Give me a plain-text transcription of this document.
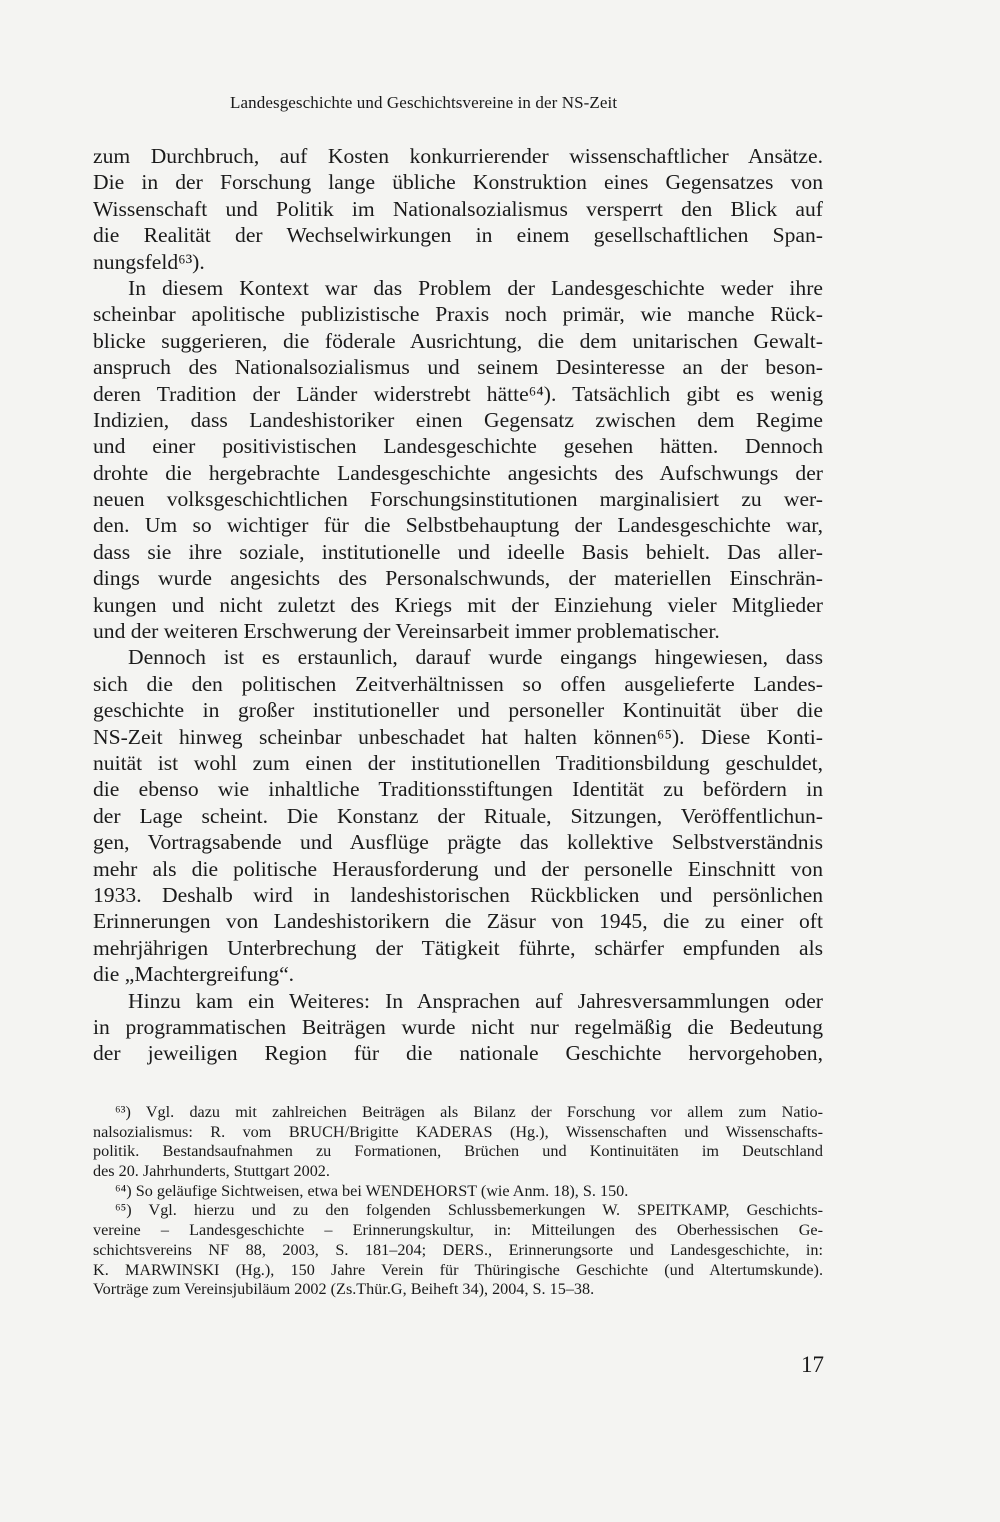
Landesgeschichte und Geschichtsvereine in der NS-Zeit
zum Durchbruch, auf Kosten konkurrierender wissenschaftlicher Ansätze.
Die in der Forschung lange übliche Konstruktion eines Gegensatzes von
Wissenschaft und Politik im Nationalsozialismus versperrt den Blick auf
die Realität der Wechselwirkungen in einem gesellschaftlichen Span-
nungsfeld⁶³).
In diesem Kontext war das Problem der Landesgeschichte weder ihre
scheinbar apolitische publizistische Praxis noch primär, wie manche Rück-
blicke suggerieren, die föderale Ausrichtung, die dem unitarischen Gewalt-
anspruch des Nationalsozialismus und seinem Desinteresse an der beson-
deren Tradition der Länder widerstrebt hätte⁶⁴). Tatsächlich gibt es wenig
Indizien, dass Landeshistoriker einen Gegensatz zwischen dem Regime
und einer positivistischen Landesgeschichte gesehen hätten. Dennoch
drohte die hergebrachte Landesgeschichte angesichts des Aufschwungs der
neuen volksgeschichtlichen Forschungsinstitutionen marginalisiert zu wer-
den. Um so wichtiger für die Selbstbehauptung der Landesgeschichte war,
dass sie ihre soziale, institutionelle und ideelle Basis behielt. Das aller-
dings wurde angesichts des Personalschwunds, der materiellen Einschrän-
kungen und nicht zuletzt des Kriegs mit der Einziehung vieler Mitglieder
und der weiteren Erschwerung der Vereinsarbeit immer problematischer.
Dennoch ist es erstaunlich, darauf wurde eingangs hingewiesen, dass
sich die den politischen Zeitverhältnissen so offen ausgelieferte Landes-
geschichte in großer institutioneller und personeller Kontinuität über die
NS-Zeit hinweg scheinbar unbeschadet hat halten können⁶⁵). Diese Konti-
nuität ist wohl zum einen der institutionellen Traditionsbildung geschuldet,
die ebenso wie inhaltliche Traditionsstiftungen Identität zu befördern in
der Lage scheint. Die Konstanz der Rituale, Sitzungen, Veröffentlichun-
gen, Vortragsabende und Ausflüge prägte das kollektive Selbstverständnis
mehr als die politische Herausforderung und der personelle Einschnitt von
1933. Deshalb wird in landeshistorischen Rückblicken und persönlichen
Erinnerungen von Landeshistorikern die Zäsur von 1945, die zu einer oft
mehrjährigen Unterbrechung der Tätigkeit führte, schärfer empfunden als
die „Machtergreifung“.
Hinzu kam ein Weiteres: In Ansprachen auf Jahresversammlungen oder
in programmatischen Beiträgen wurde nicht nur regelmäßig die Bedeutung
der jeweiligen Region für die nationale Geschichte hervorgehoben,
⁶³) Vgl. dazu mit zahlreichen Beiträgen als Bilanz der Forschung vor allem zum Natio-
nalsozialismus: R. vom BRUCH/Brigitte KADERAS (Hg.), Wissenschaften und Wissenschafts-
politik. Bestandsaufnahmen zu Formationen, Brüchen und Kontinuitäten im Deutschland
des 20. Jahrhunderts, Stuttgart 2002.
⁶⁴) So geläufige Sichtweisen, etwa bei WENDEHORST (wie Anm. 18), S. 150.
⁶⁵) Vgl. hierzu und zu den folgenden Schlussbemerkungen W. SPEITKAMP, Geschichts-
vereine – Landesgeschichte – Erinnerungskultur, in: Mitteilungen des Oberhessischen Ge-
schichtsvereins NF 88, 2003, S. 181–204; DERS., Erinnerungsorte und Landesgeschichte, in:
K. MARWINSKI (Hg.), 150 Jahre Verein für Thüringische Geschichte (und Altertumskunde).
Vorträge zum Vereinsjubiläum 2002 (Zs.Thür.G, Beiheft 34), 2004, S. 15–38.
17
